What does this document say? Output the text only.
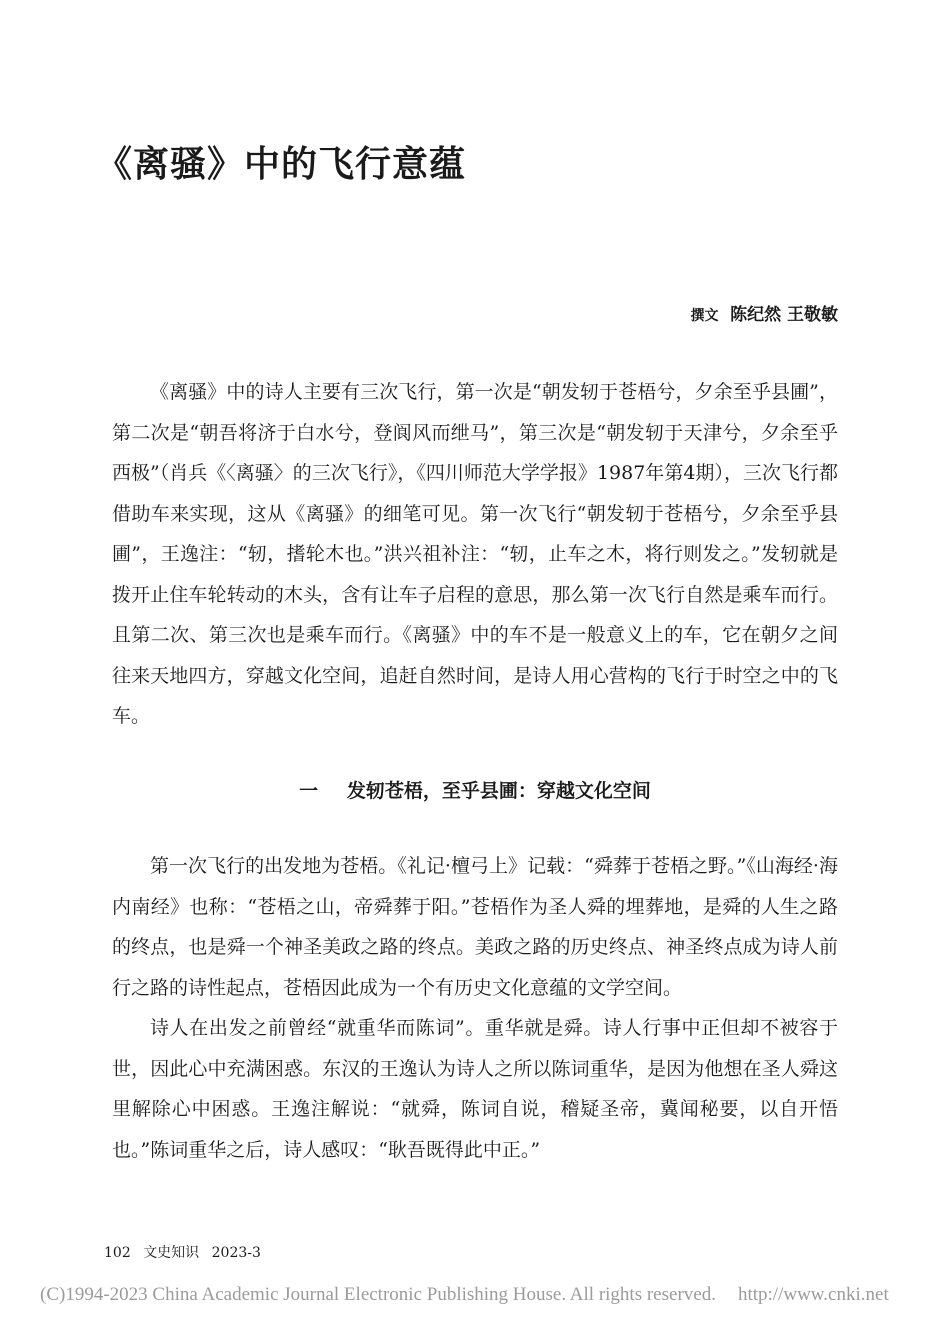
《离骚》中的飞行意蕴
撰文 陈纪然 王敬敏

《离骚》中的诗人主要有三次飞行，第一次是“朝发轫于苍梧兮，夕余至乎县圃”，第二次是“朝吾将济于白水兮，登阆风而绁马”，第三次是“朝发轫于天津兮，夕余至乎西极”（肖兵《〈离骚〉的三次飞行》，《四川师范大学学报》1987年第4期），三次飞行都借助车来实现，这从《离骚》的细笔可见。第一次飞行“朝发轫于苍梧兮，夕余至乎县圃”，王逸注：“轫，搘轮木也。”洪兴祖补注：“轫，止车之木，将行则发之。”发轫就是拨开止住车轮转动的木头，含有让车子启程的意思，那么第一次飞行自然是乘车而行。且第二次、第三次也是乘车而行。《离骚》中的车不是一般意义上的车，它在朝夕之间往来天地四方，穿越文化空间，追赶自然时间，是诗人用心营构的飞行于时空之中的飞车。

一 发轫苍梧，至乎县圃：穿越文化空间

第一次飞行的出发地为苍梧。《礼记·檀弓上》记载：“舜葬于苍梧之野。”《山海经·海内南经》也称：“苍梧之山，帝舜葬于阳。”苍梧作为圣人舜的埋葬地，是舜的人生之路的终点，也是舜一个神圣美政之路的终点。美政之路的历史终点、神圣终点成为诗人前行之路的诗性起点，苍梧因此成为一个有历史文化意蕴的文学空间。

诗人在出发之前曾经“就重华而陈词”。重华就是舜。诗人行事中正但却不被容于世，因此心中充满困惑。东汉的王逸认为诗人之所以陈词重华，是因为他想在圣人舜这里解除心中困惑。王逸注解说：“就舜，陈词自说，稽疑圣帝，冀闻秘要，以自开悟也。”陈词重华之后，诗人感叹：“耿吾既得此中正。”

102 文史知识 2023-3
(C)1994-2023 China Academic Journal Electronic Publishing House. All rights reserved. http://www.cnki.net
